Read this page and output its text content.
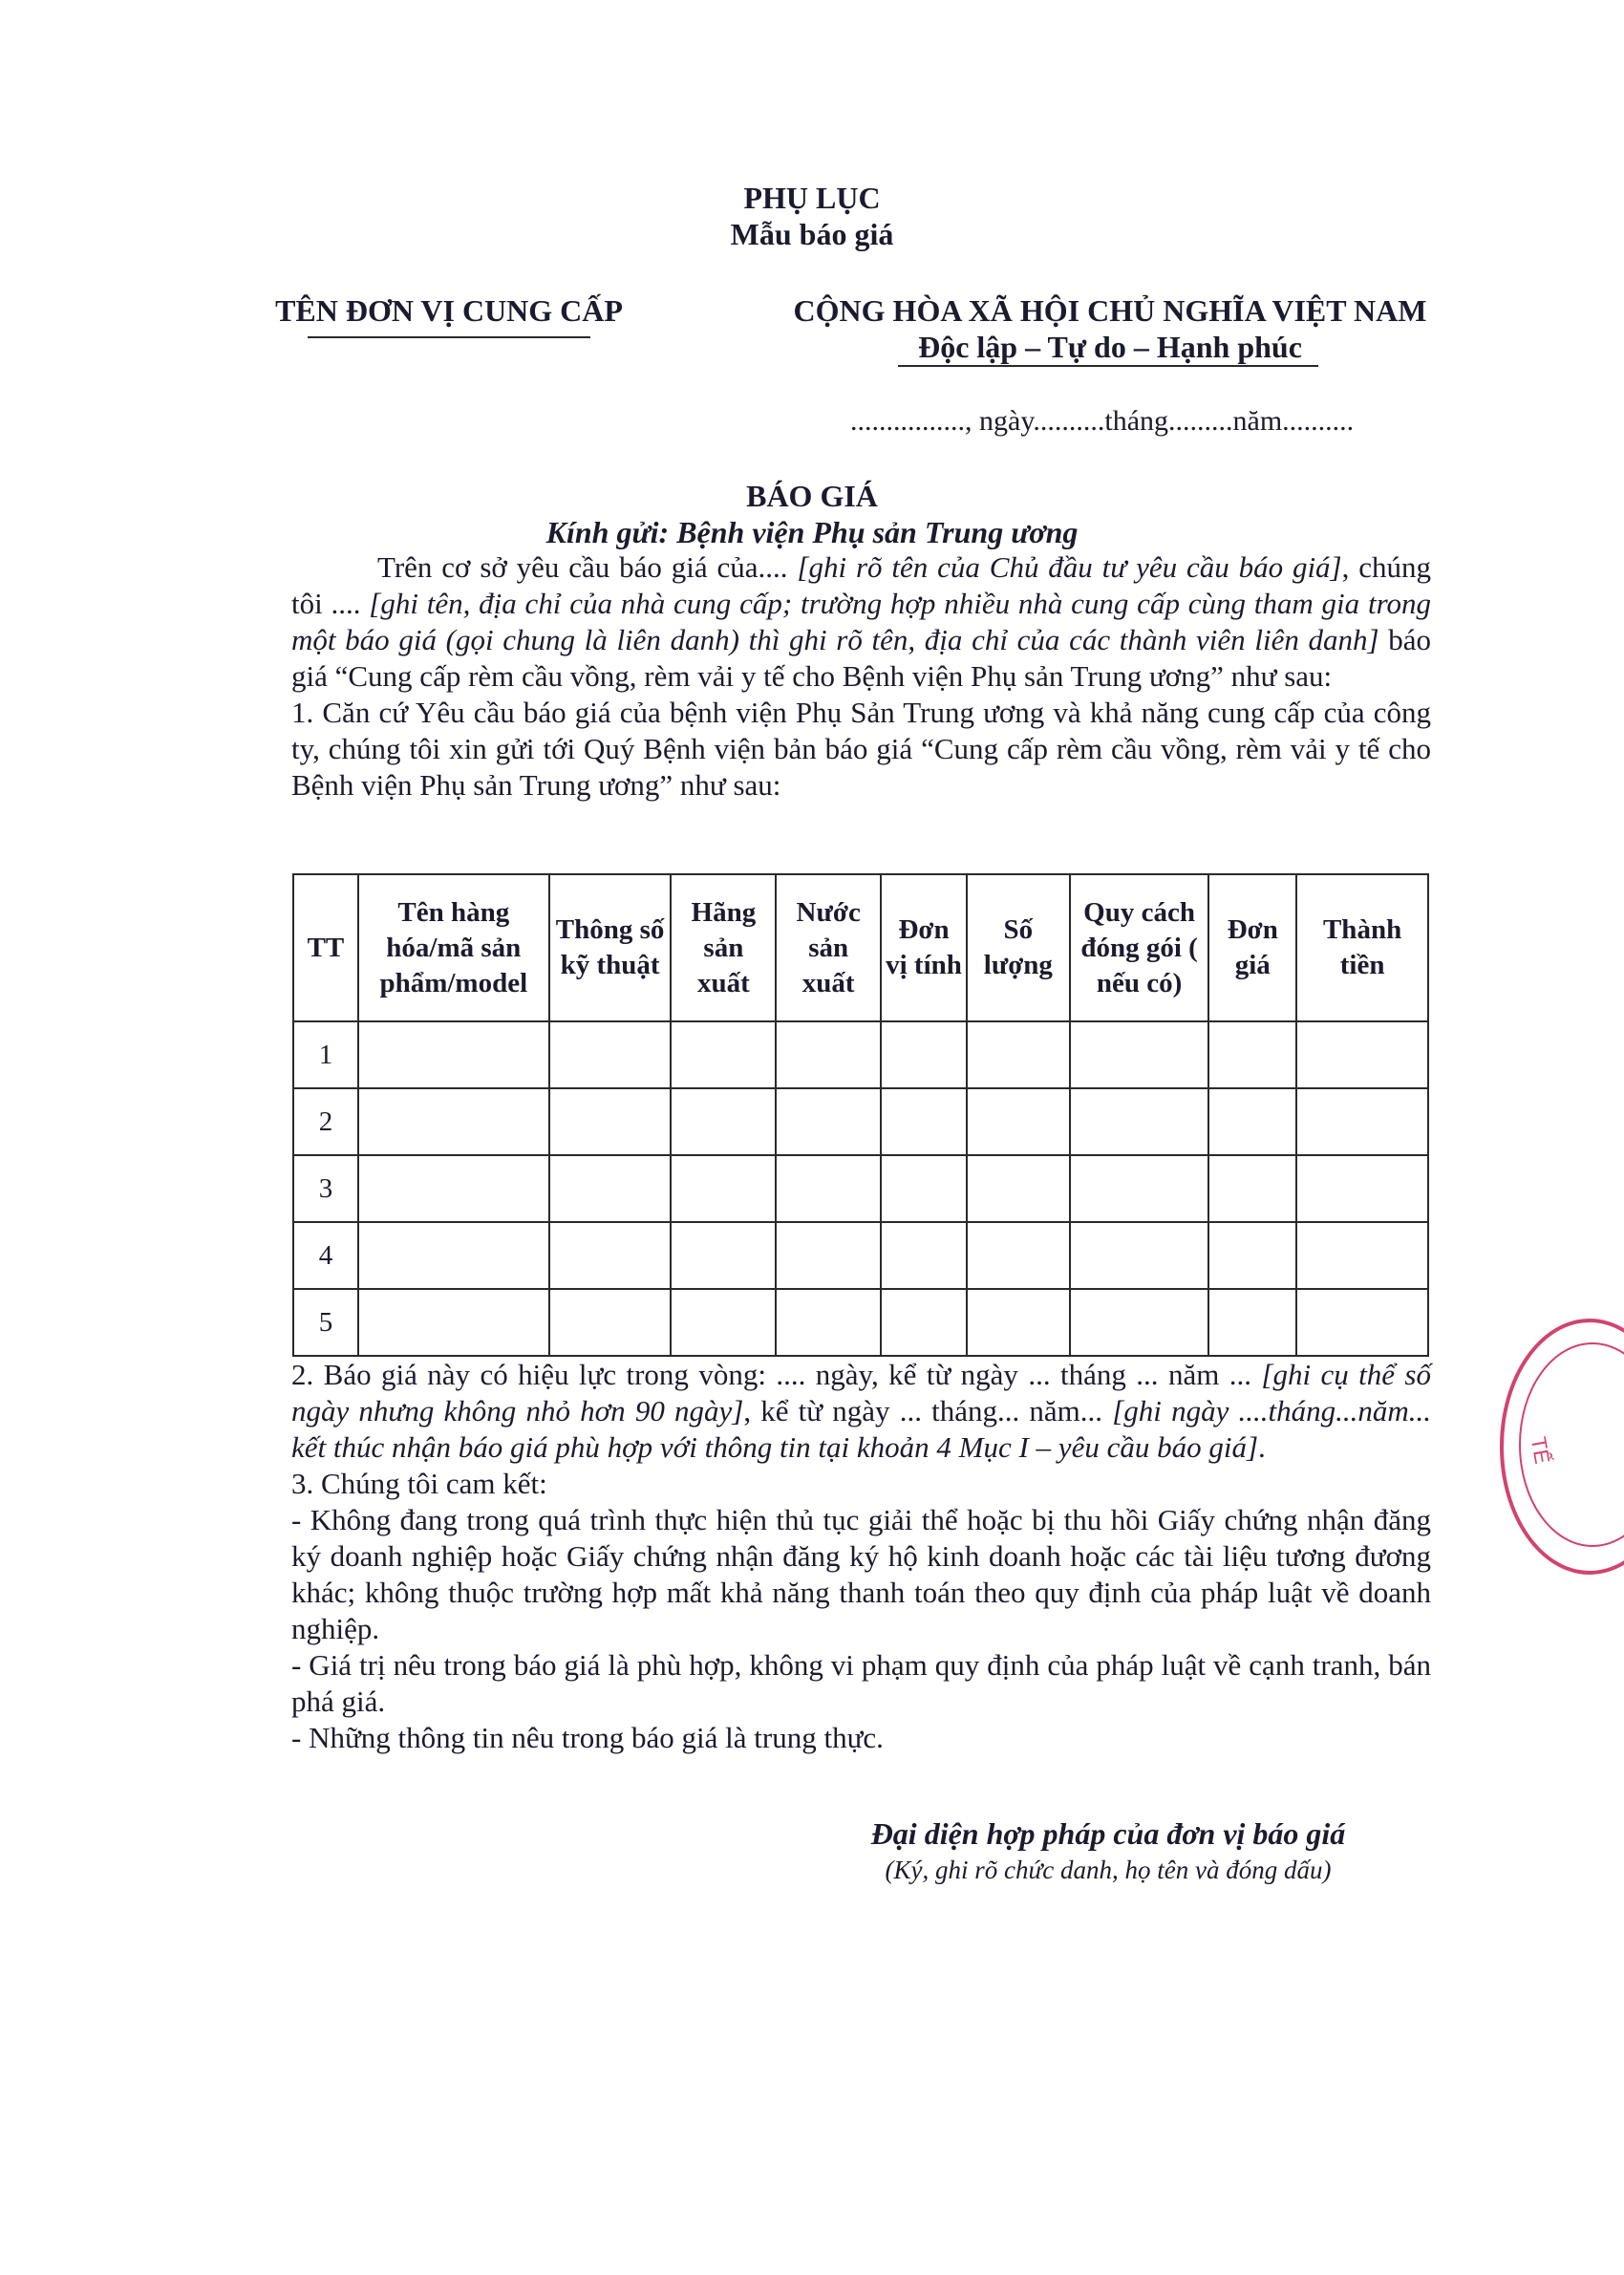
PHỤ LỤC
Mẫu báo giá
TÊN ĐƠN VỊ CUNG CẤP	CỘNG HÒA XÃ HỘI CHỦ NGHĨA VIỆT NAM
Độc lập – Tự do – Hạnh phúc
................, ngày..........tháng.........năm..........
BÁO GIÁ
Kính gửi: Bệnh viện Phụ sản Trung ương

Trên cơ sở yêu cầu báo giá của.... [ghi rõ tên của Chủ đầu tư yêu cầu báo giá], chúng tôi .... [ghi tên, địa chỉ của nhà cung cấp; trường hợp nhiều nhà cung cấp cùng tham gia trong một báo giá (gọi chung là liên danh) thì ghi rõ tên, địa chỉ của các thành viên liên danh] báo giá “Cung cấp rèm cầu vồng, rèm vải y tế cho Bệnh viện Phụ sản Trung ương” như sau:

1. Căn cứ Yêu cầu báo giá của bệnh viện Phụ Sản Trung ương và khả năng cung cấp của công ty, chúng tôi xin gửi tới Quý Bệnh viện bản báo giá “Cung cấp rèm cầu vồng, rèm vải y tế cho Bệnh viện Phụ sản Trung ương” như sau:

TT	Tên hàng hóa/mã sản phẩm/model	Thông số kỹ thuật	Hãng sản xuất	Nước sản xuất	Đơn vị tính	Số lượng	Quy cách đóng gói ( nếu có)	Đơn giá	Thành tiền
1									
2									
3									
4									
5									

2. Báo giá này có hiệu lực trong vòng: .... ngày, kể từ ngày ... tháng ... năm ... [ghi cụ thể số ngày nhưng không nhỏ hơn 90 ngày], kể từ ngày ... tháng... năm... [ghi ngày ....tháng...năm... kết thúc nhận báo giá phù hợp với thông tin tại khoản 4 Mục I – yêu cầu báo giá].

3. Chúng tôi cam kết:

- Không đang trong quá trình thực hiện thủ tục giải thể hoặc bị thu hồi Giấy chứng nhận đăng ký doanh nghiệp hoặc Giấy chứng nhận đăng ký hộ kinh doanh hoặc các tài liệu tương đương khác; không thuộc trường hợp mất khả năng thanh toán theo quy định của pháp luật về doanh nghiệp.

- Giá trị nêu trong báo giá là phù hợp, không vi phạm quy định của pháp luật về cạnh tranh, bán phá giá.

- Những thông tin nêu trong báo giá là trung thực.

Đại diện hợp pháp của đơn vị báo giá
(Ký, ghi rõ chức danh, họ tên và đóng dấu)
TẾ
